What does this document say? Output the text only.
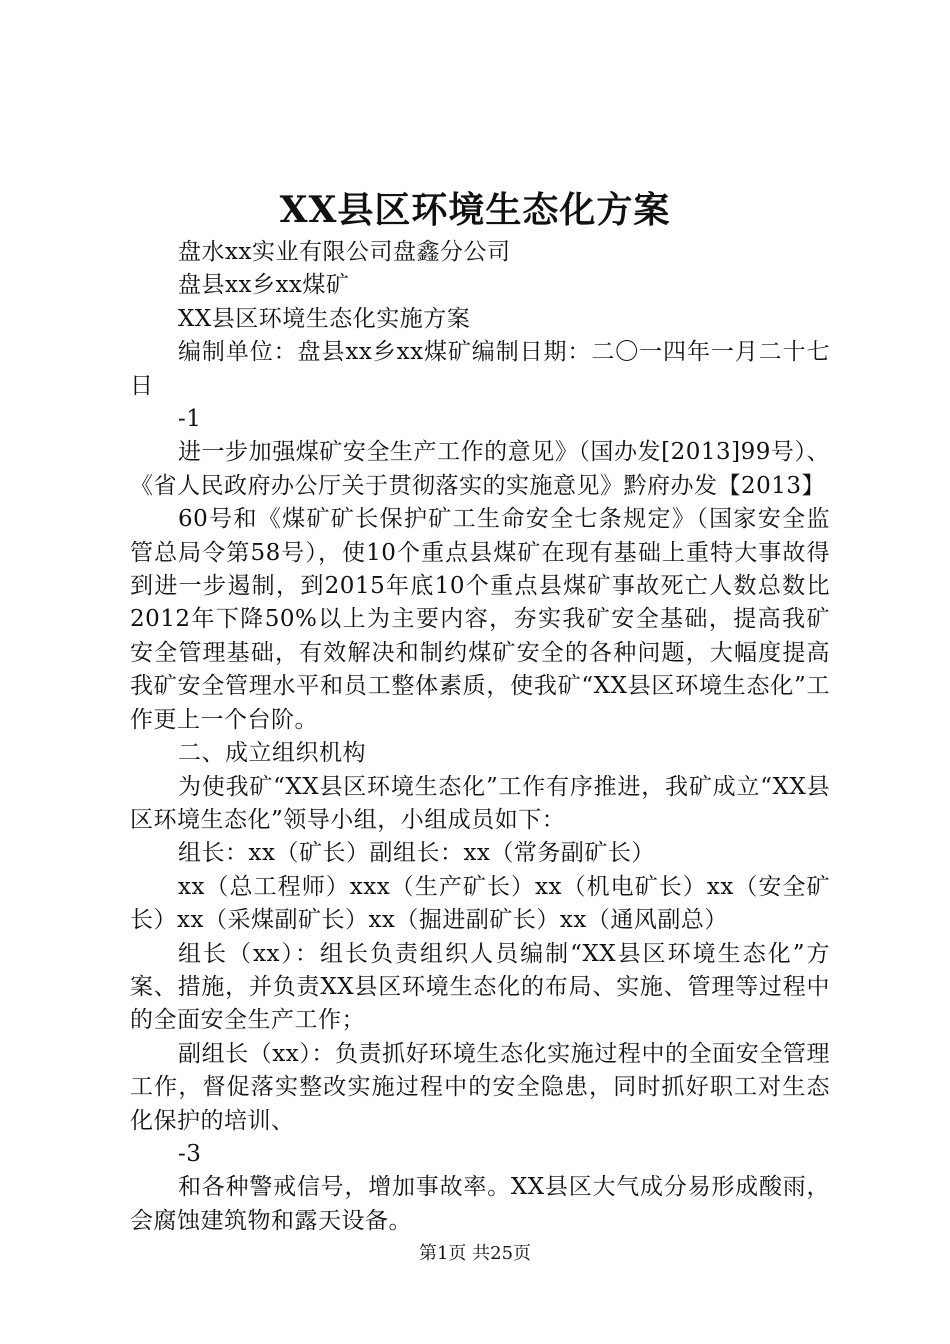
XX县区环境生态化方案

盘水xx实业有限公司盘鑫分公司

盘县xx乡xx煤矿

XX县区环境生态化实施方案

编制单位：盘县xx乡xx煤矿编制日期：二〇一四年一月二十七日

-1

进一步加强煤矿安全生产工作的意见》（国办发[2013]99号）、《省人民政府办公厅关于贯彻落实的实施意见》黔府办发【2013】

60号和《煤矿矿长保护矿工生命安全七条规定》（国家安全监管总局令第58号），使10个重点县煤矿在现有基础上重特大事故得到进一步遏制，到2015年底10个重点县煤矿事故死亡人数总数比2012年下降50%以上为主要内容，夯实我矿安全基础，提高我矿安全管理基础，有效解决和制约煤矿安全的各种问题，大幅度提高我矿安全管理水平和员工整体素质，使我矿“XX县区环境生态化”工作更上一个台阶。

二、成立组织机构

为使我矿“XX县区环境生态化”工作有序推进，我矿成立“XX县区环境生态化”领导小组，小组成员如下：

组长：xx（矿长）副组长：xx（常务副矿长）

xx（总工程师）xxx（生产矿长）xx（机电矿长）xx（安全矿长）xx（采煤副矿长）xx（掘进副矿长）xx（通风副总）

组长（xx）：组长负责组织人员编制“XX县区环境生态化”方案、措施，并负责XX县区环境生态化的布局、实施、管理等过程中的全面安全生产工作；

副组长（xx）：负责抓好环境生态化实施过程中的全面安全管理工作，督促落实整改实施过程中的安全隐患，同时抓好职工对生态化保护的培训、

-3

和各种警戒信号，增加事故率。XX县区大气成分易形成酸雨，会腐蚀建筑物和露天设备。

第1页 共25页
